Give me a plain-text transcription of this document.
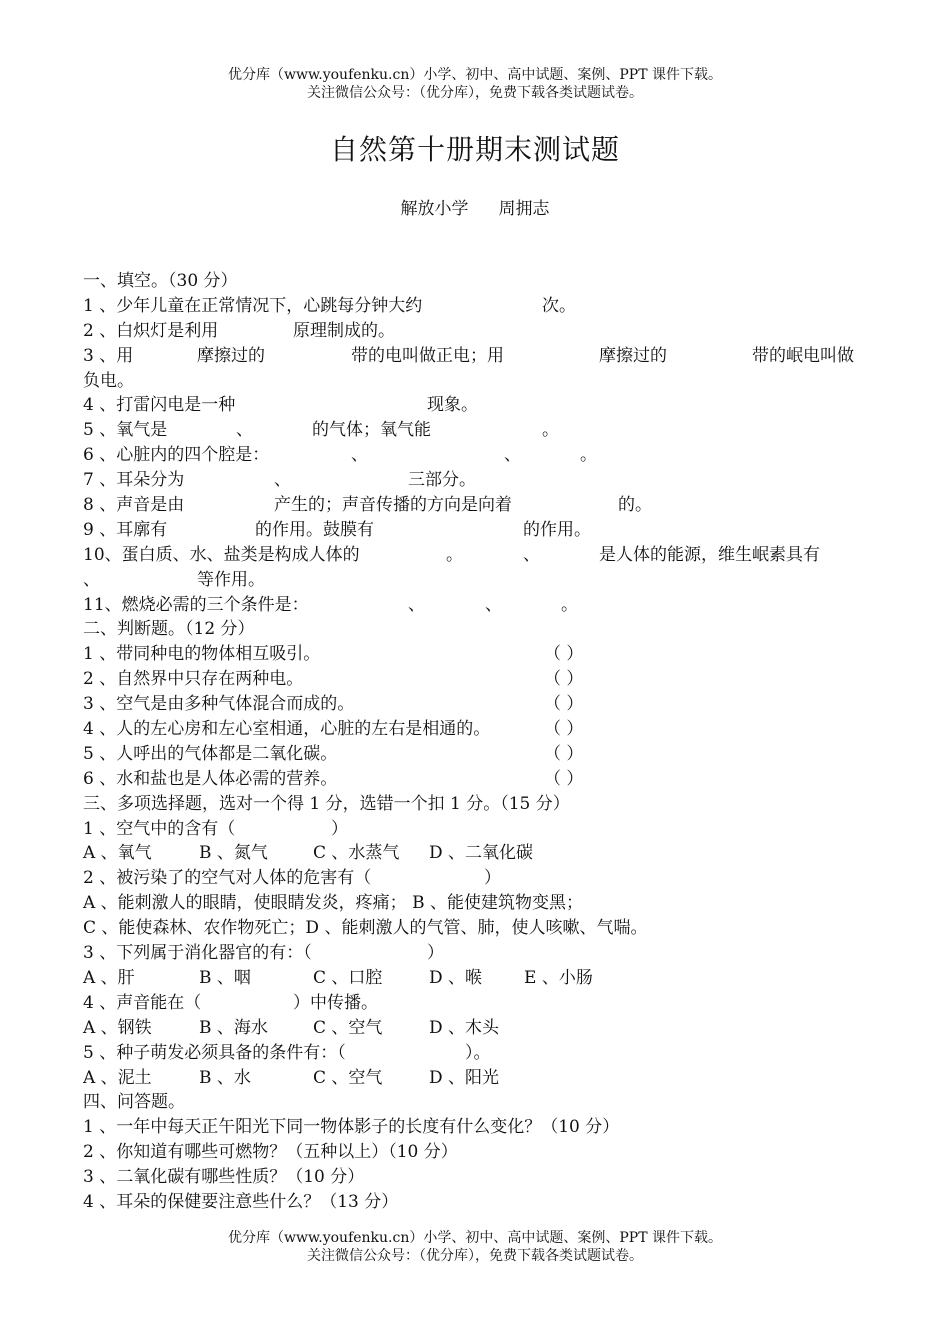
优分库（www.youfenku.cn）小学、初中、高中试题、案例、PPT 课件下载。
关注微信公众号：（优分库），免费下载各类试题试卷。
自然第十册期末测试题
解放小学 周拥志
一、填空。（30 分）
1 、少年儿童在正常情况下，心跳每分钟大约	次。
2 、白炽灯是利用	原理制成的。
3 、用	摩擦过的	带的电叫做正电；用	摩擦过的	带的岷电叫做
负电。
4 、打雷闪电是一种	现象。
5 、氧气是	、	的气体；氧气能	。
6 、心脏内的四个腔是：	、	、	。
7 、耳朵分为	、	三部分。
8 、声音是由	产生的；声音传播的方向是向着	的。
9 、耳廓有	的作用。鼓膜有	的作用。
10、蛋白质、水、盐类是构成人体的	。	、	是人体的能源，维生岷素具有
、	等作用。
11、燃烧必需的三个条件是：	、	、	。
二、判断题。（12 分）
1 、带同种电的物体相互吸引。	（ ）
2 、自然界中只存在两种电。	（ ）
3 、空气是由多种气体混合而成的。	（ ）
4 、人的左心房和左心室相通，心脏的左右是相通的。	（ ）
5 、人呼出的气体都是二氧化碳。	（ ）
6 、水和盐也是人体必需的营养。	（ ）
三、多项选择题，选对一个得 1 分，选错一个扣 1 分。（15 分）
1 、空气中的含有（	）
A 、氧气	B 、氮气	C 、水蒸气 D 、二氧化碳
2 、被污染了的空气对人体的危害有（	）
A 、能刺激人的眼睛，使眼睛发炎，疼痛； B 、能使建筑物变黑；
C 、能使森林、农作物死亡；D 、能刺激人的气管、肺，使人咳嗽、气喘。
3 、下列属于消化器官的有：（	）
A 、肝	B 、咽	C 、口腔	D 、喉 E 、小肠
4 、声音能在（	）中传播。
A 、钢铁	B 、海水	C 、空气	D 、木头
5 、种子萌发必须具备的条件有：（	）。
A 、泥土	B 、水	C 、空气	D 、阳光
四、问答题。
1 、一年中每天正午阳光下同一物体影子的长度有什么变化？（10 分）
2 、你知道有哪些可燃物？（五种以上）（10 分）
3 、二氧化碳有哪些性质？（10 分）
4 、耳朵的保健要注意些什么？（13 分）
优分库（www.youfenku.cn）小学、初中、高中试题、案例、PPT 课件下载。
关注微信公众号：（优分库），免费下载各类试题试卷。
